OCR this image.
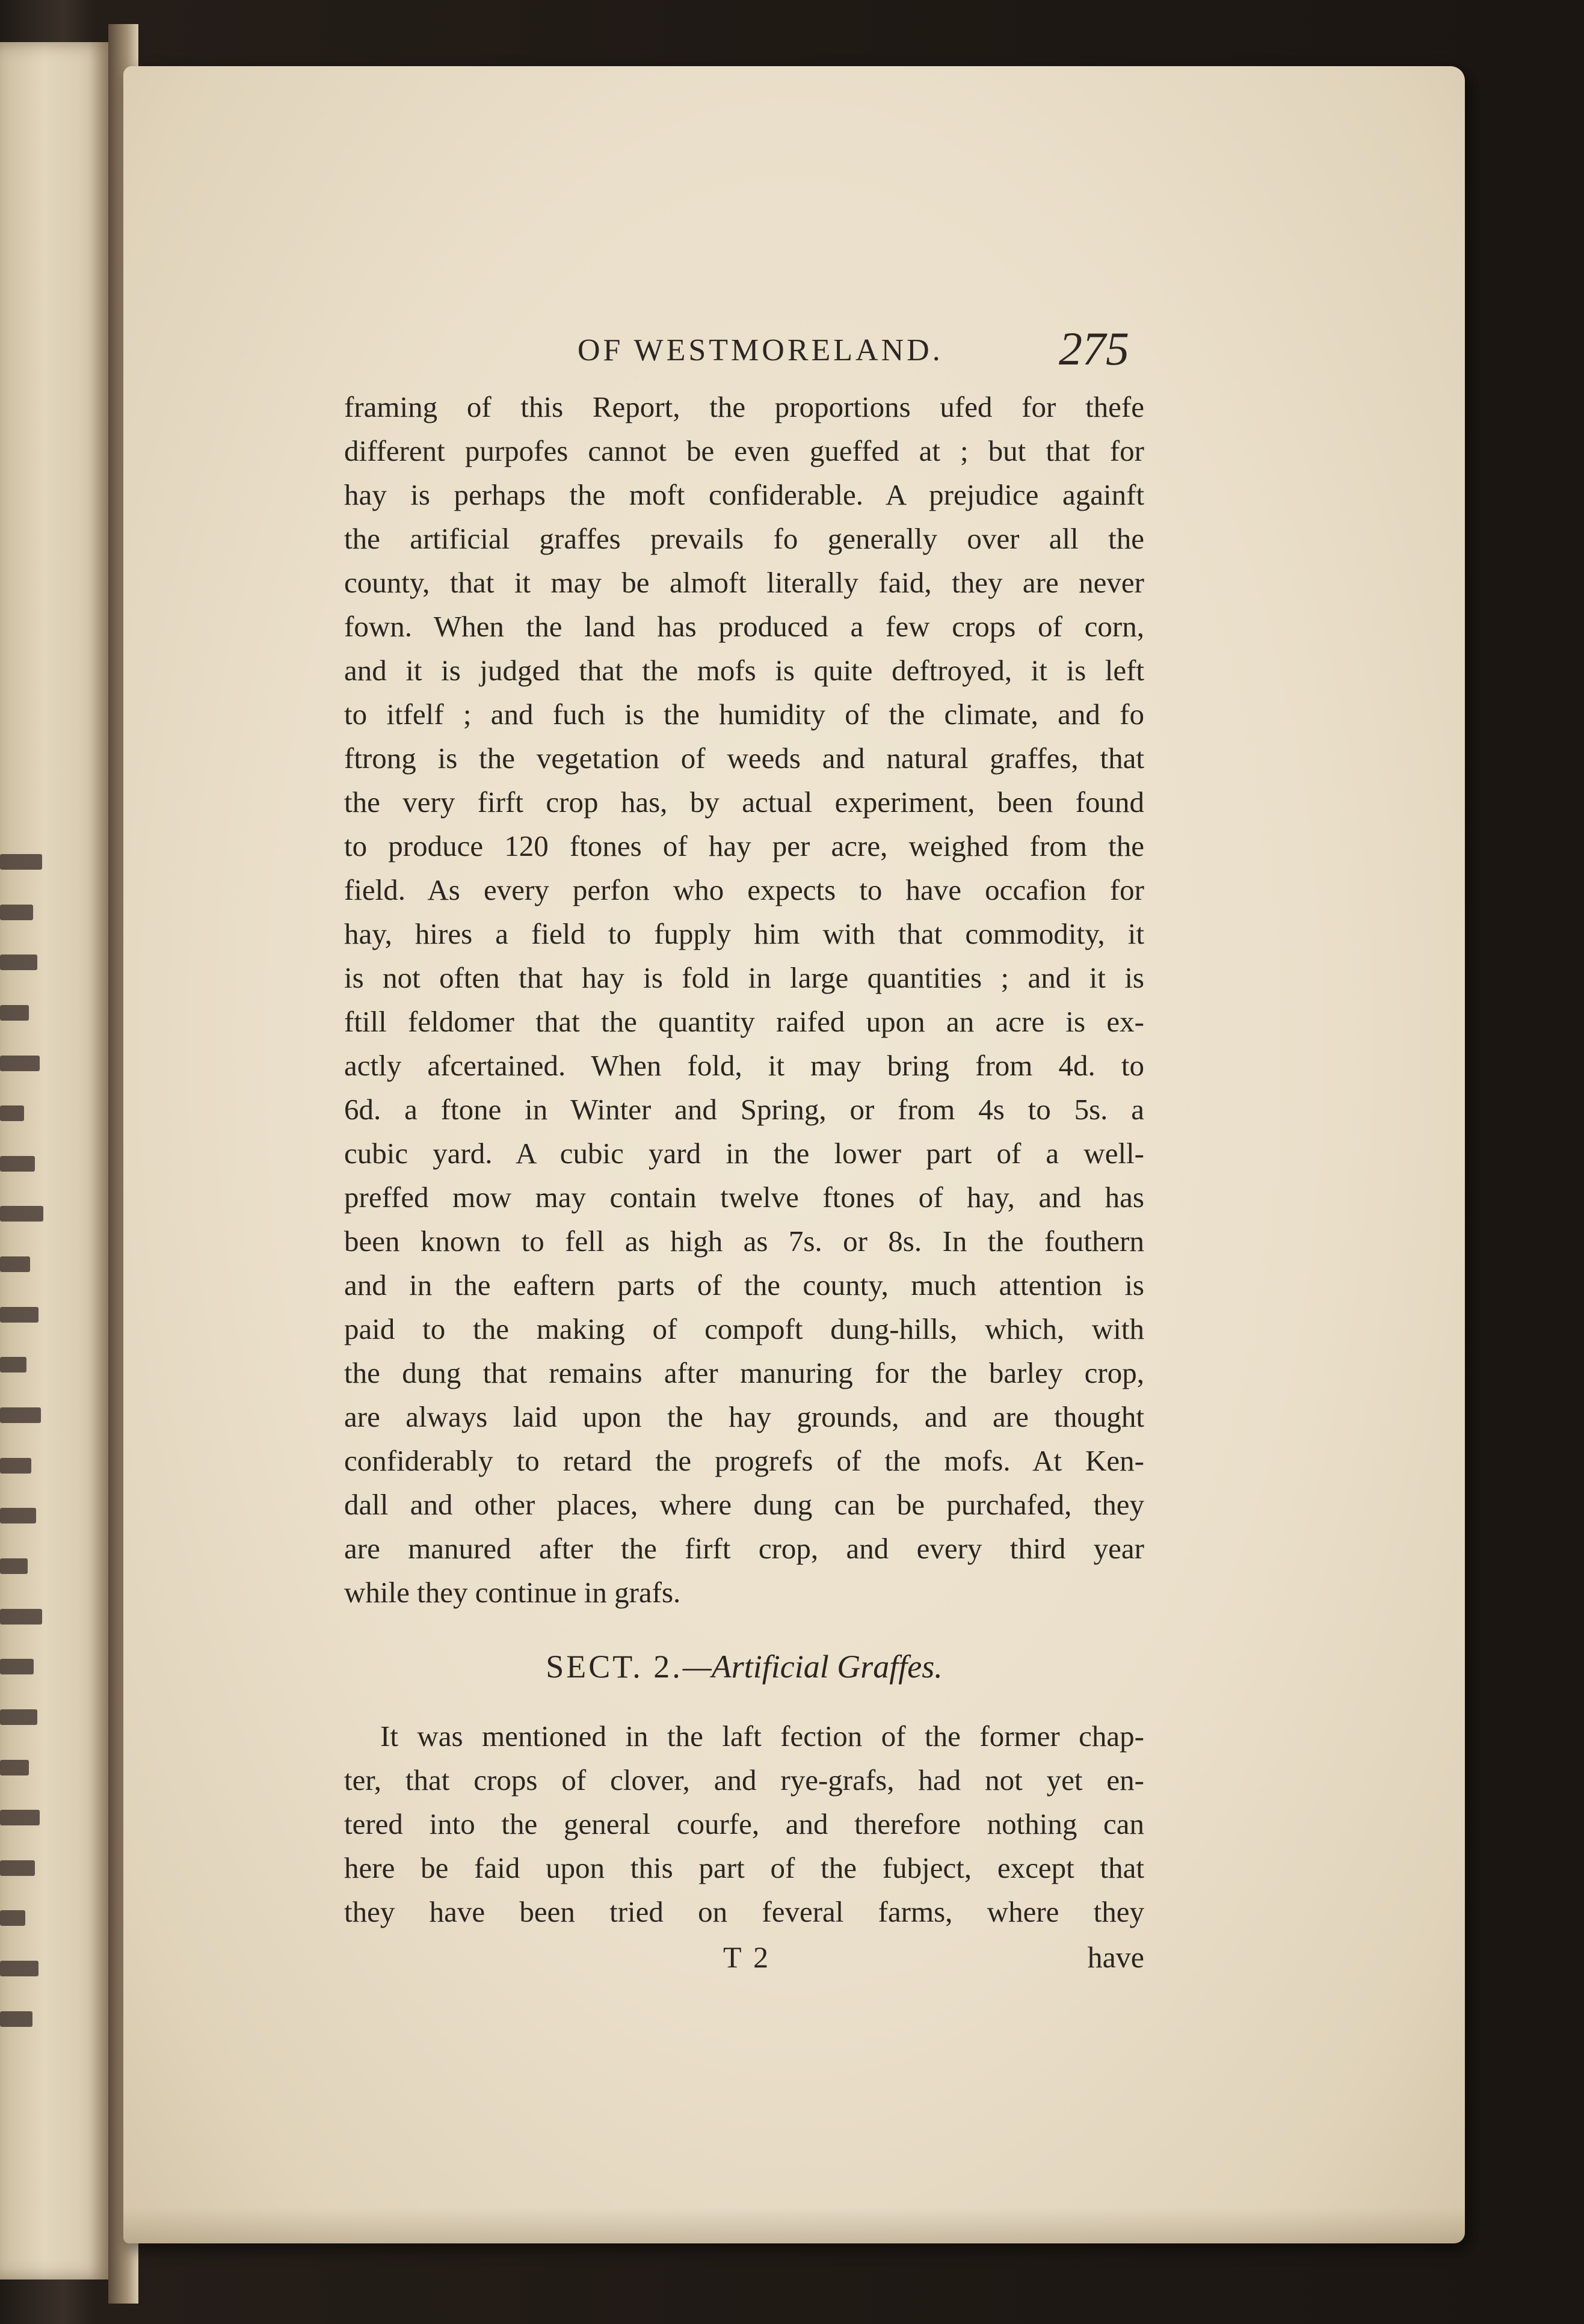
OF WESTMORELAND. 275
framing of this Report, the proportions ufed for thefe
different purpofes cannot be even gueffed at ; but that for
hay is perhaps the moft confiderable. A prejudice againft
the artificial graffes prevails fo generally over all the
county, that it may be almoft literally faid, they are never
fown. When the land has produced a few crops of corn,
and it is judged that the mofs is quite deftroyed, it is left
to itfelf ; and fuch is the humidity of the climate, and fo
ftrong is the vegetation of weeds and natural graffes, that
the very firft crop has, by actual experiment, been found
to produce 120 ftones of hay per acre, weighed from the
field. As every perfon who expects to have occafion for
hay, hires a field to fupply him with that commodity, it
is not often that hay is fold in large quantities ; and it is
ftill feldomer that the quantity raifed upon an acre is ex-
actly afcertained. When fold, it may bring from 4d. to
6d. a ftone in Winter and Spring, or from 4s to 5s. a
cubic yard. A cubic yard in the lower part of a well-
preffed mow may contain twelve ftones of hay, and has
been known to fell as high as 7s. or 8s. In the fouthern
and in the eaftern parts of the county, much attention is
paid to the making of compoft dung-hills, which, with
the dung that remains after manuring for the barley crop,
are always laid upon the hay grounds, and are thought
confiderably to retard the progrefs of the mofs. At Ken-
dall and other places, where dung can be purchafed, they
are manured after the firft crop, and every third year
while they continue in grafs.
SECT. 2.—Artificial Graffes.
It was mentioned in the laft fection of the former chap-
ter, that crops of clover, and rye-grafs, had not yet en-
tered into the general courfe, and therefore nothing can
here be faid upon this part of the fubject, except that
they have been tried on feveral farms, where they
T 2	have
